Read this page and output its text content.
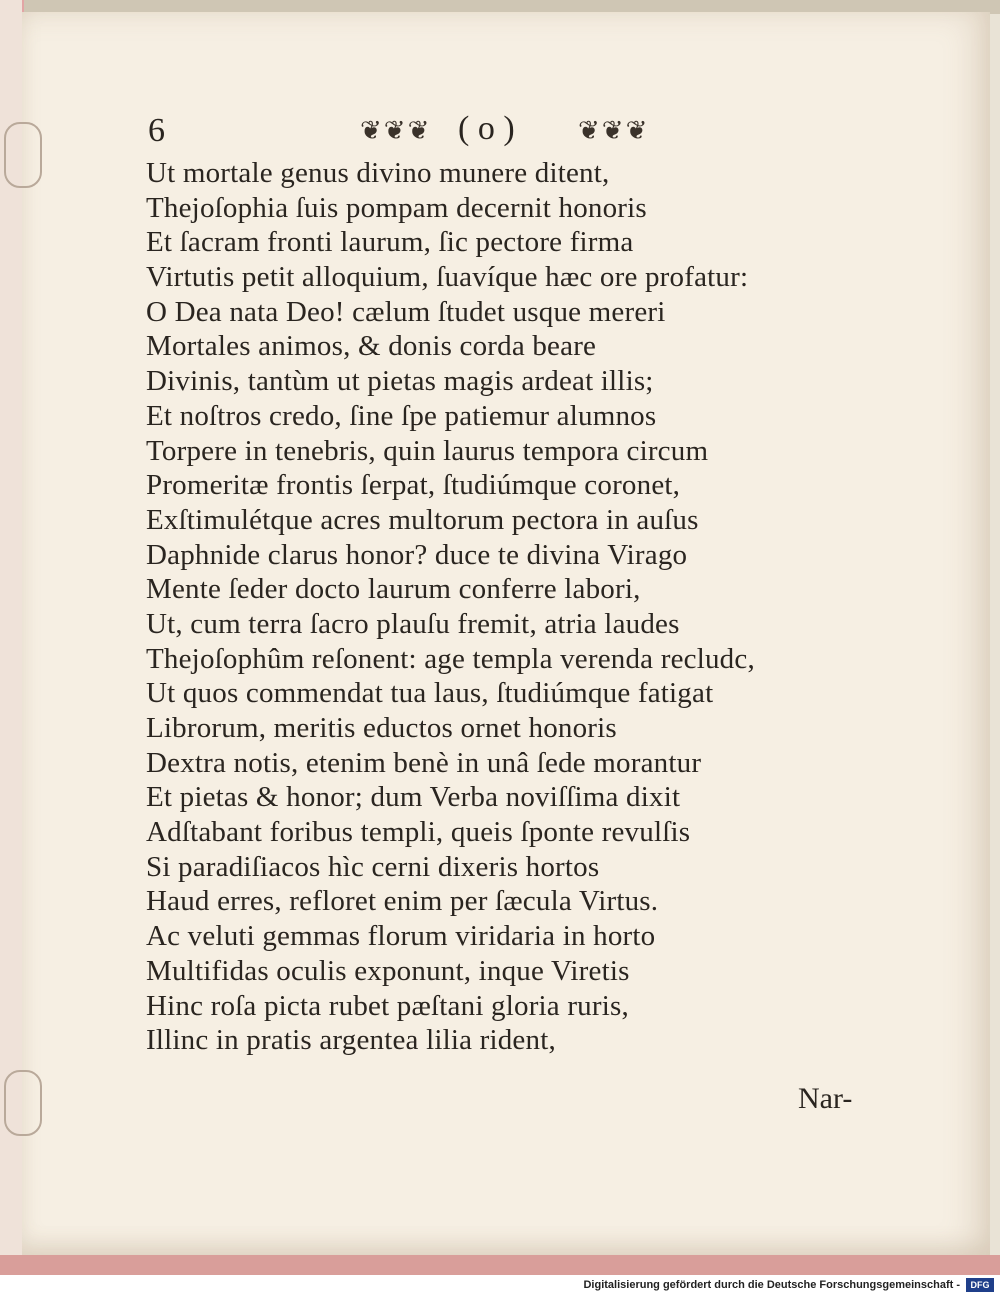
6	❦❦❦ ( o ) ❦❦❦
Ut mortale genus divino munere ditent,
Thejoſophia ſuis pompam decernit honoris
Et ſacram fronti laurum, ſic pectore firma
Virtutis petit alloquium, ſuavíque hæc ore profatur:
O Dea nata Deo! cælum ſtudet usque mereri
Mortales animos, & donis corda beare
Divinis, tantùm ut pietas magis ardeat illis;
Et noſtros credo, ſine ſpe patiemur alumnos
Torpere in tenebris, quin laurus tempora circum
Promeritæ frontis ſerpat, ſtudiúmque coronet,
Exſtimulétque acres multorum pectora in auſus
Daphnide clarus honor? duce te divina Virago
Mente ſeder docto laurum conferre labori,
Ut, cum terra ſacro plauſu fremit, atria laudes
Thejoſophûm reſonent: age templa verenda recludc,
Ut quos commendat tua laus, ſtudiúmque fatigat
Librorum, meritis eductos ornet honoris
Dextra notis, etenim benè in unâ ſede morantur
Et pietas & honor; dum Verba noviſſima dixit
Adſtabant foribus templi, queis ſponte revulſis
Si paradiſiacos hìc cerni dixeris hortos
Haud erres, refloret enim per ſæcula Virtus.
Ac veluti gemmas florum viridaria in horto
Multifidas oculis exponunt, inque Viretis
Hinc roſa picta rubet pæſtani gloria ruris,
Illinc in pratis argentea lilia rident,
Nar-
Digitalisierung gefördert durch die Deutsche Forschungsgemeinschaft -	DFG
